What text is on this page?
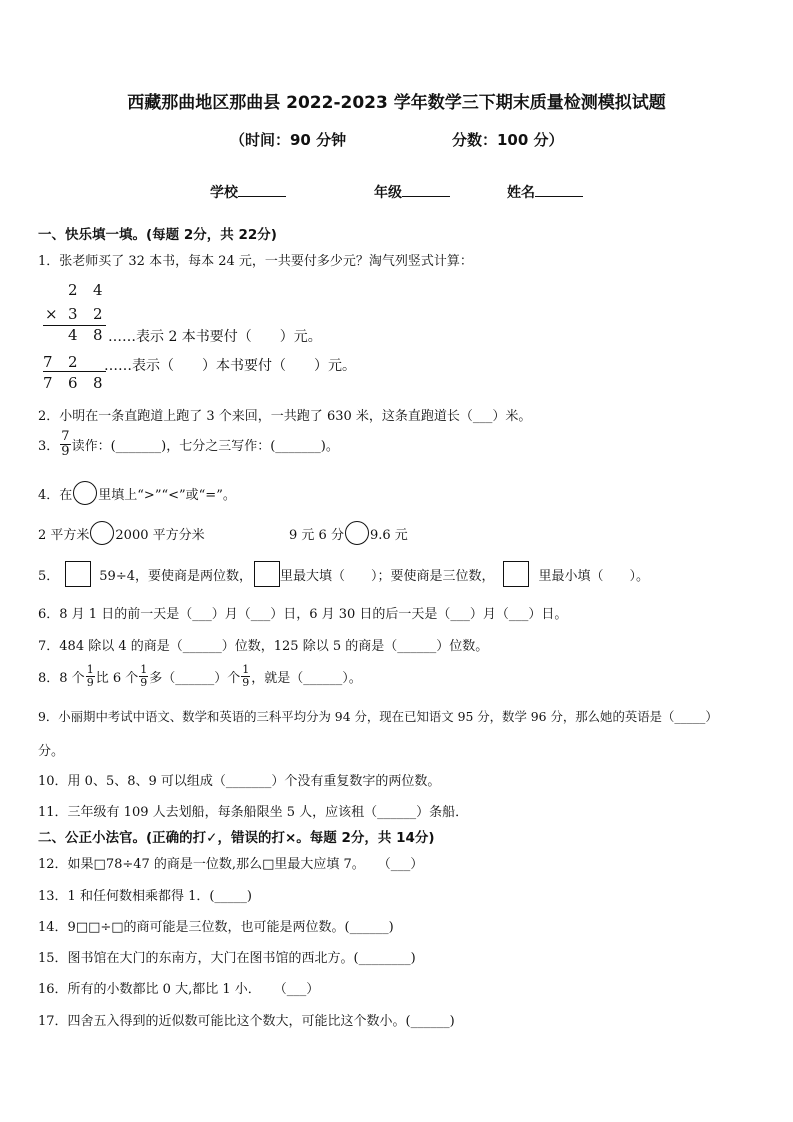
西藏那曲地区那曲县 2022-2023 学年数学三下期末质量检测模拟试题
（时间：90 分钟	分数：100 分）
学校	年级	姓名
一、快乐填一填。(每题 2分，共 22分)
1．张老师买了 32 本书，每本 24 元，一共要付多少元？淘气列竖式计算：
2 4
× 3 2
4 8 ……表示 2 本书要付（　　）元。
7 2 ……表示（　　）本书要付（　　）元。
7 6 8
2．小明在一条直跑道上跑了 3 个来回，一共跑了 630 米，这条直跑道长（___）米。
3． $\frac{7}{9}$ 读作：(_______)，七分之三写作：(_______)。
4．在 里填上“>”“<”或“=”。
2 平方米 2000 平方分米	9 元 6 分 9.6 元
5．	59÷4，要使商是两位数， 里最大填（　　）；要使商是三位数，	里最小填（　　）。
6．8 月 1 日的前一天是（___）月（___）日，6 月 30 日的后一天是（___）月（___）日。
7．484 除以 4 的商是（______）位数，125 除以 5 的商是（______）位数。
8．8 个 $\frac{1}{9}$ 比 6 个 $\frac{1}{9}$ 多（______）个 $\frac{1}{9}$ ，就是（______）。
9．小丽期中考试中语文、数学和英语的三科平均分为 94 分，现在已知语文 95 分，数学 96 分，那么她的英语是（_____）
分。
10．用 0、5、8、9 可以组成（_______）个没有重复数字的两位数。
11．三年级有 109 人去划船，每条船限坐 5 人，应该租（______）条船．
二、公正小法官。(正确的打✓，错误的打×。每题 2分，共 14分)
12．如果□78÷47 的商是一位数,那么□里最大应填 7。　　（___）
13．1 和任何数相乘都得 1．(_____)
14．9□□÷□的商可能是三位数，也可能是两位数。(______)
15．图书馆在大门的东南方，大门在图书馆的西北方。(________)
16．所有的小数都比 0 大,都比 1 小．　　（___）
17．四舍五入得到的近似数可能比这个数大，可能比这个数小。(______)
